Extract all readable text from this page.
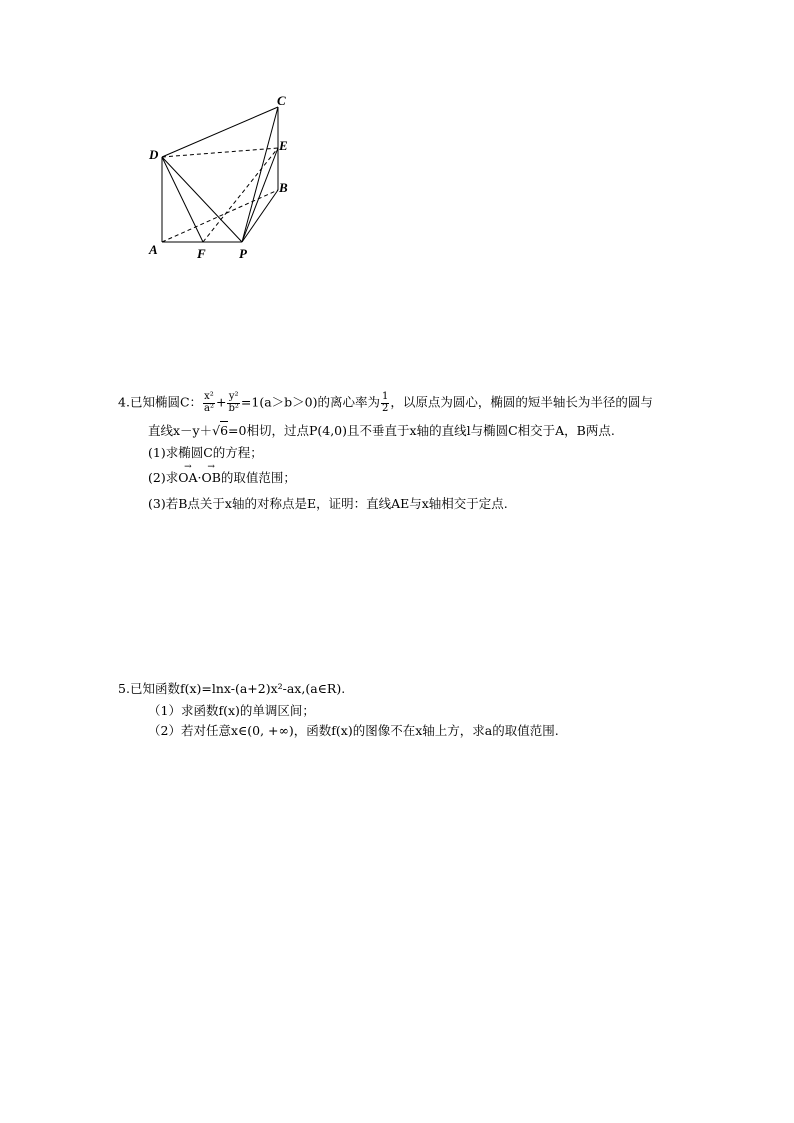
C
D
E
B
A	F	P
4.已知椭圆C： $\frac{\text{x²}}{\text{a²}} + \frac{\text{y²}}{\text{b²}} =1(a>b>0)$的离心率为 $\frac{1}{2}$ ，以原点为圆心，椭圆的短半轴长为半径的圆与
直线x－y＋√6=0相切，过点P(4,0)且不垂直于x轴的直线l与椭圆C相交于A，B两点.
(1)求椭圆C的方程；
(2)求
→
OA·
→
OB的取值范围；
(3)若B点关于x轴的对称点是E，证明：直线AE与x轴相交于定点.
5.已知函数f(x)=lnx-(a+2)x²-ax,(a∈R).
（1）求函数f(x)的单调区间；
（2）若对任意x∈(0, +∞)，函数f(x)的图像不在x轴上方，求a的取值范围.
